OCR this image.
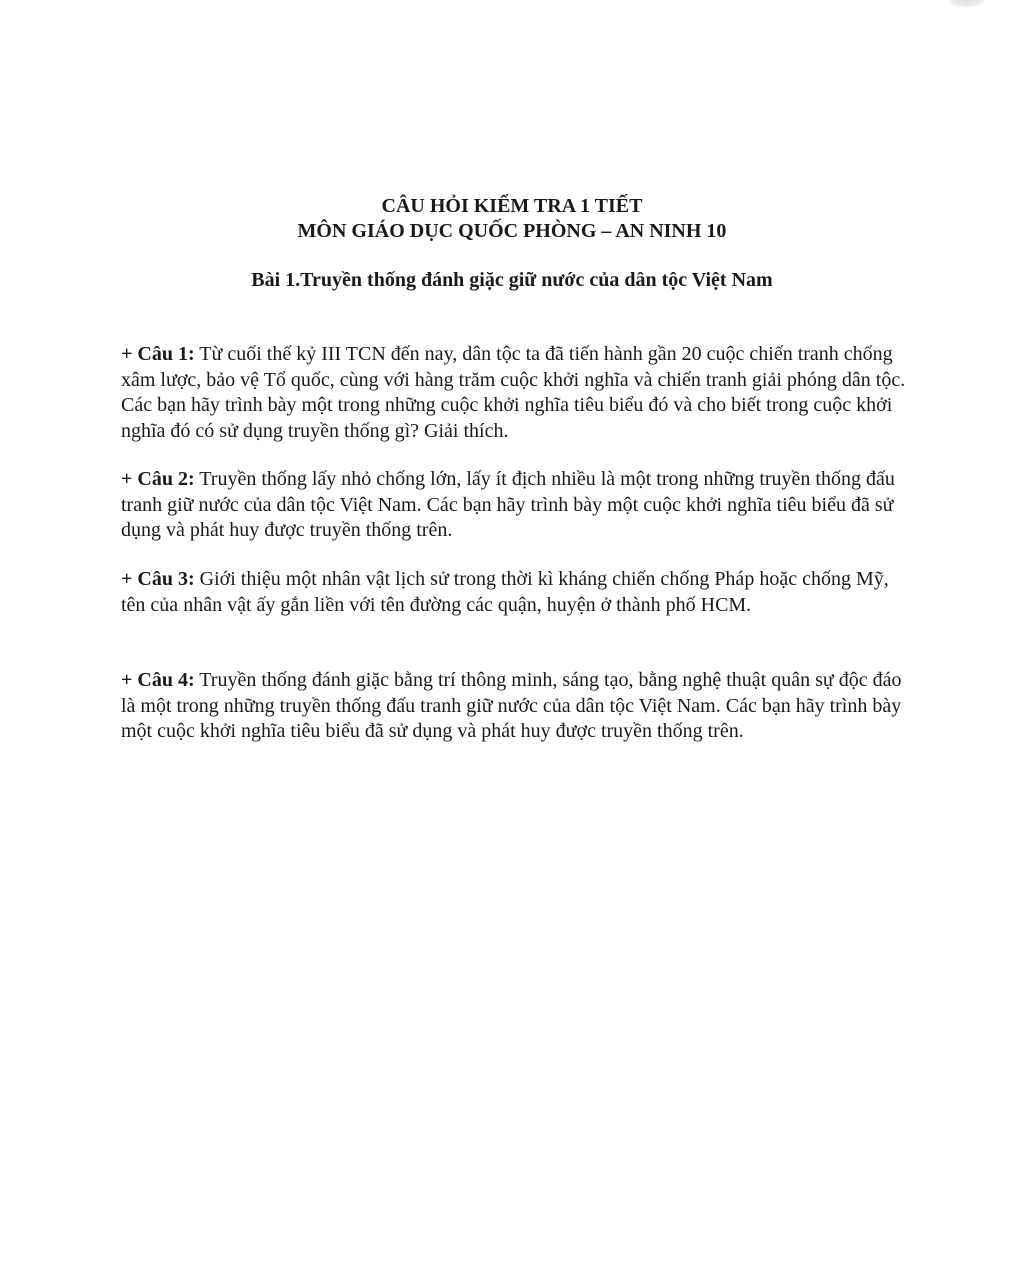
CÂU HỎI KIỂM TRA 1 TIẾT

MÔN GIÁO DỤC QUỐC PHÒNG – AN NINH 10

Bài 1.Truyền thống đánh giặc giữ nước của dân tộc Việt Nam

+ Câu 1: Từ cuối thế kỷ III TCN đến nay, dân tộc ta đã tiến hành gần 20 cuộc chiến tranh chống xâm lược, bảo vệ Tổ quốc, cùng với hàng trăm cuộc khởi nghĩa và chiến tranh giải phóng dân tộc. Các bạn hãy trình bày một trong những cuộc khởi nghĩa tiêu biểu đó và cho biết trong cuộc khởi nghĩa đó có sử dụng truyền thống gì? Giải thích.

+ Câu 2: Truyền thống lấy nhỏ chống lớn, lấy ít địch nhiều là một trong những truyền thống đấu tranh giữ nước của dân tộc Việt Nam. Các bạn hãy trình bày một cuộc khởi nghĩa tiêu biểu đã sử dụng và phát huy được truyền thống trên.

+ Câu 3: Giới thiệu một nhân vật lịch sử trong thời kì kháng chiến chống Pháp hoặc chống Mỹ, tên của nhân vật ấy gắn liền với tên đường các quận, huyện ở thành phố HCM.

+ Câu 4: Truyền thống đánh giặc bằng trí thông minh, sáng tạo, bằng nghệ thuật quân sự độc đáo là một trong những truyền thống đấu tranh giữ nước của dân tộc Việt Nam. Các bạn hãy trình bày một cuộc khởi nghĩa tiêu biểu đã sử dụng và phát huy được truyền thống trên.
